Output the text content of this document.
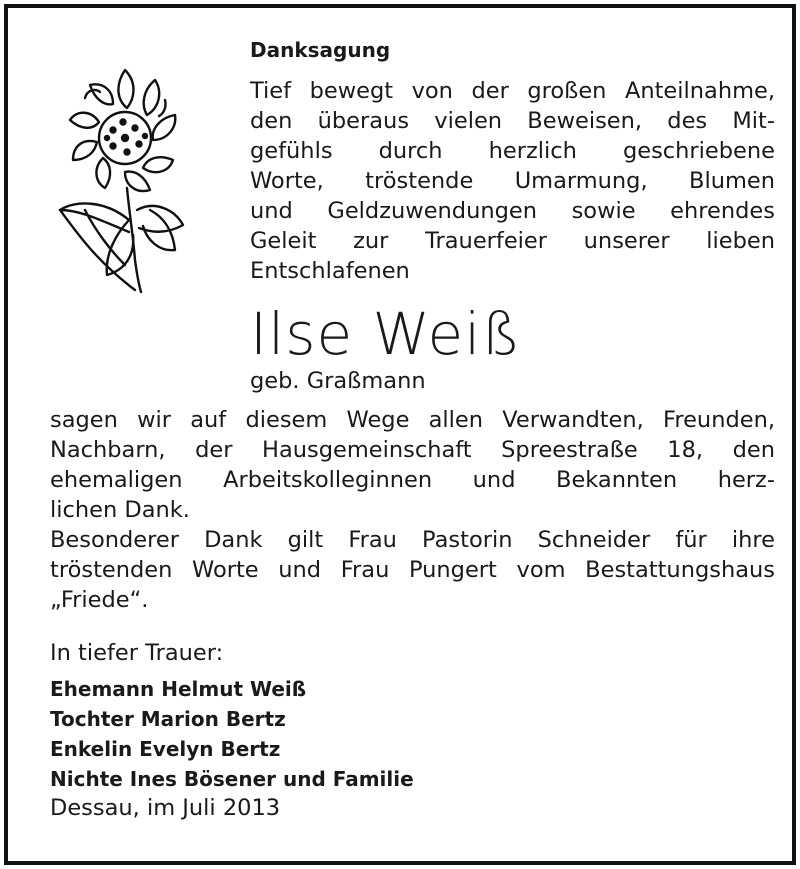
Danksagung
Tief bewegt von der großen Anteilnahme,
den überaus vielen Beweisen, des Mit-
gefühls durch herzlich geschriebene
Worte, tröstende Umarmung, Blumen
und Geldzuwendungen sowie ehrendes
Geleit zur Trauerfeier unserer lieben
Entschlafenen
Ilse Weiß
geb. Graßmann
sagen wir auf diesem Wege allen Verwandten, Freunden,
Nachbarn, der Hausgemeinschaft Spreestraße 18, den
ehemaligen Arbeitskolleginnen und Bekannten herz-
lichen Dank.
Besonderer Dank gilt Frau Pastorin Schneider für ihre
tröstenden Worte und Frau Pungert vom Bestattungshaus
„Friede“.
In tiefer Trauer:
Ehemann Helmut Weiß
Tochter Marion Bertz
Enkelin Evelyn Bertz
Nichte Ines Bösener und Familie
Dessau, im Juli 2013
